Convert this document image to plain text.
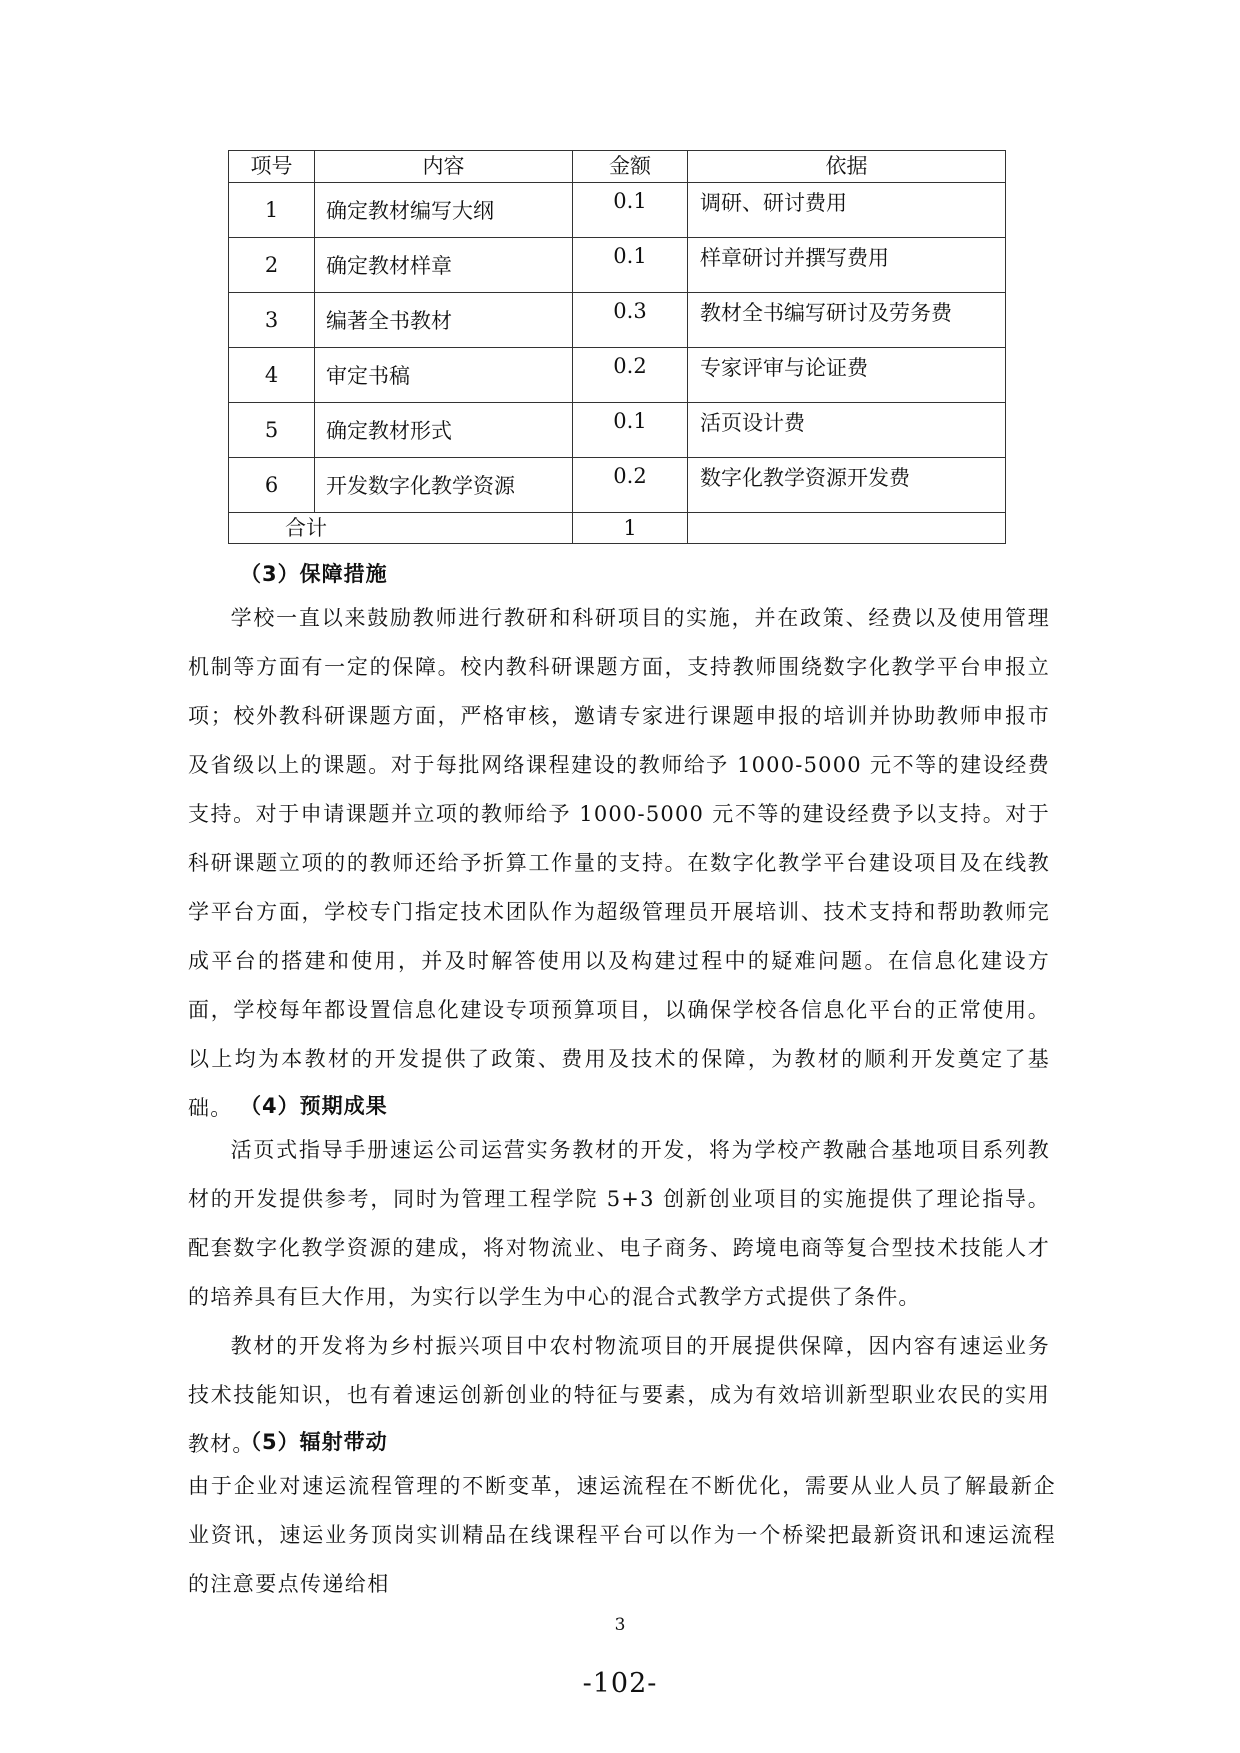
项号	内容	金额	依据
1	确定教材编写大纲	0.1	调研、研讨费用
2	确定教材样章	0.1	样章研讨并撰写费用
3	编著全书教材	0.3	教材全书编写研讨及劳务费
4	审定书稿	0.2	专家评审与论证费
5	确定教材形式	0.1	活页设计费
6	开发数字化教学资源	0.2	数字化教学资源开发费
合计		1	
（3）保障措施
学校一直以来鼓励教师进行教研和科研项目的实施，并在政策、经费以及使用管理机制等方面有一定的保障。校内教科研课题方面，支持教师围绕数字化教学平台申报立项；校外教科研课题方面，严格审核，邀请专家进行课题申报的培训并协助教师申报市及省级以上的课题。对于每批网络课程建设的教师给予 1000-5000 元不等的建设经费支持。对于申请课题并立项的教师给予 1000-5000 元不等的建设经费予以支持。对于科研课题立项的的教师还给予折算工作量的支持。在数字化教学平台建设项目及在线教学平台方面，学校专门指定技术团队作为超级管理员开展培训、技术支持和帮助教师完成平台的搭建和使用，并及时解答使用以及构建过程中的疑难问题。在信息化建设方面，学校每年都设置信息化建设专项预算项目，以确保学校各信息化平台的正常使用。以上均为本教材的开发提供了政策、费用及技术的保障，为教材的顺利开发奠定了基础。 （4）预期成果
活页式指导手册速运公司运营实务教材的开发，将为学校产教融合基地项目系列教材的开发提供参考，同时为管理工程学院 5+3 创新创业项目的实施提供了理论指导。配套数字化教学资源的建成，将对物流业、电子商务、跨境电商等复合型技术技能人才的培养具有巨大作用，为实行以学生为中心的混合式教学方式提供了条件。
教材的开发将为乡村振兴项目中农村物流项目的开展提供保障，因内容有速运业务技术技能知识，也有着速运创新创业的特征与要素，成为有效培训新型职业农民的实用教材。
（5）辐射带动
由于企业对速运流程管理的不断变革，速运流程在不断优化，需要从业人员了解最新企业资讯，速运业务顶岗实训精品在线课程平台可以作为一个桥梁把最新资讯和速运流程的注意要点传递给相
3
-102-
